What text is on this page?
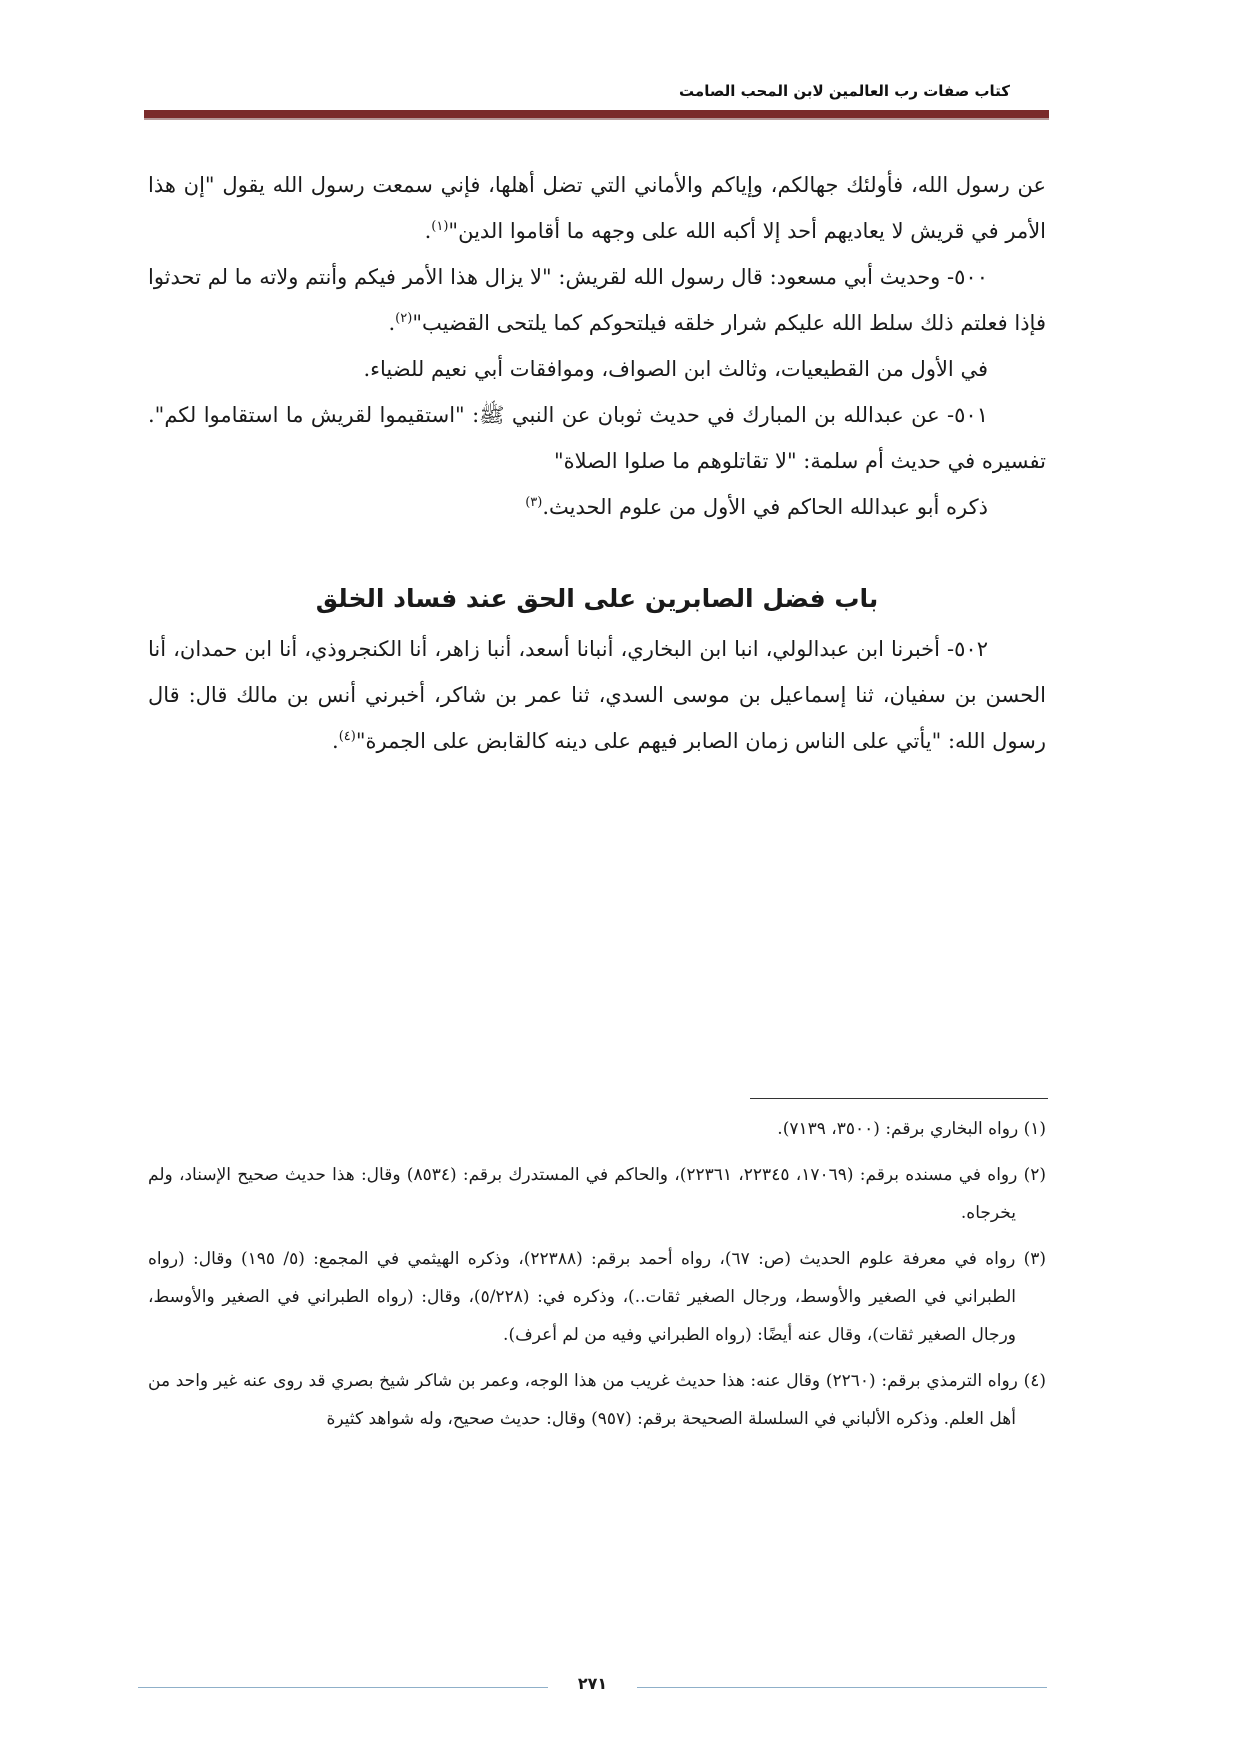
كتاب صفات رب العالمين لابن المحب الصامت

عن رسول الله، فأولئك جهالكم، وإياكم والأماني التي تضل أهلها، فإني سمعت رسول الله يقول "إن هذا الأمر في قريش لا يعاديهم أحد إلا أكبه الله على وجهه ما أقاموا الدين"$^{(١)}$.

٥٠٠- وحديث أبي مسعود: قال رسول الله لقريش: "لا يزال هذا الأمر فيكم وأنتم ولاته ما لم تحدثوا فإذا فعلتم ذلك سلط الله عليكم شرار خلقه فيلتحوكم كما يلتحى القضيب"$^{(٢)}$.

في الأول من القطيعيات، وثالث ابن الصواف، وموافقات أبي نعيم للضياء.

٥٠١- عن عبدالله بن المبارك في حديث ثوبان عن النبي ﷺ: "استقيموا لقريش ما استقاموا لكم". تفسيره في حديث أم سلمة: "لا تقاتلوهم ما صلوا الصلاة"

ذكره أبو عبدالله الحاكم في الأول من علوم الحديث.$^{(٣)}$

باب فضل الصابرين على الحق عند فساد الخلق

٥٠٢- أخبرنا ابن عبدالولي، انبا ابن البخاري، أنبانا أسعد، أنبا زاهر، أنا الكنجروذي، أنا ابن حمدان، أنا الحسن بن سفيان، ثنا إسماعيل بن موسى السدي، ثنا عمر بن شاكر، أخبرني أنس بن مالك قال: قال رسول الله: "يأتي على الناس زمان الصابر فيهم على دينه كالقابض على الجمرة"$^{(٤)}$.

(١) رواه البخاري برقم: (٣٥٠٠، ٧١٣٩).

(٢) رواه في مسنده برقم: (١٧٠٦٩، ٢٢٣٤٥، ٢٢٣٦١)، والحاكم في المستدرك برقم: (٨٥٣٤) وقال: هذا حديث صحيح الإسناد، ولم يخرجاه.

(٣) رواه في معرفة علوم الحديث (ص: ٦٧)، رواه أحمد برقم: (٢٢٣٨٨)، وذكره الهيثمي في المجمع: (٥/ ١٩٥) وقال: (رواه الطبراني في الصغير والأوسط، ورجال الصغير ثقات..)، وذكره في: (٥/٢٢٨)، وقال: (رواه الطبراني في الصغير والأوسط، ورجال الصغير ثقات)، وقال عنه أيضًا: (رواه الطبراني وفيه من لم أعرف).

(٤) رواه الترمذي برقم: (٢٢٦٠) وقال عنه: هذا حديث غريب من هذا الوجه، وعمر بن شاكر شيخ بصري قد روى عنه غير واحد من أهل العلم. وذكره الألباني في السلسلة الصحيحة برقم: (٩٥٧) وقال: حديث صحيح، وله شواهد كثيرة

٢٧١
